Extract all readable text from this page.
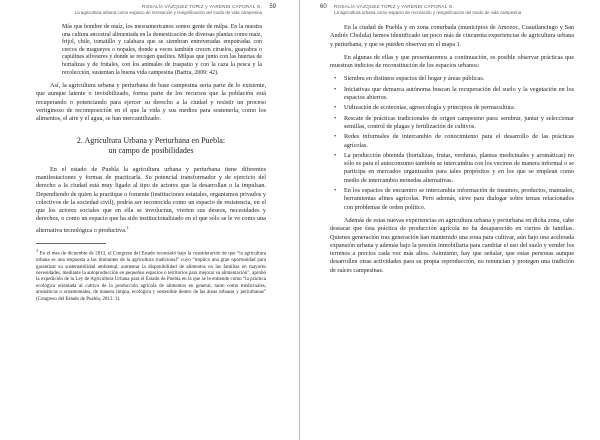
ROSALÍA VÁZQUEZ TORIZ y YARENDI CAPORAL G.
La agricultura urbana como espacio de recreación y resignificación del modo de vida campesina
59

Más que hombre de maíz, los mesoamericanos somos gente de milpa. En la nuestra una cultura ancestral alimentada en la domesticación de diversas plantas como maíz, frijol, chile, tomatillo y calabaza que se siembran entreveradas empotradas con cercos de magueyes o nopales, donde a veces también crecen ciruelos, guayabos o capulines silvestres y donde se recogen quelites. Milpas que junto con las huertas de hortalizas y de frutales, con los animales de traspatio y con la caza la pesca y la recolección, sustentan la buena vida campesina (Bartra, 2009: 42).

Así, la agricultura urbana y periurbana de base campesina sería parte de lo existente, que aunque latente o invisibilizado, forma parte de los recursos que la población está recuperando o potenciando para ejercer su derecho a la ciudad y resistir un proceso vertiginoso de recomposición en el que la vida y sus medios para sostenerla, como los alimentos, el aire y el agua, se han mercantilizado.

2. Agricultura Urbana y Periurbana en Puebla:
un campo de posibilidades

En el estado de Puebla la agricultura urbana y periurbana tiene diferentes manifestaciones y formas de practicarla. Su potencial transformador y de ejercicio del derecho a la ciudad está muy ligado al tipo de actores que la desarrollan o la impulsan. Dependiendo de quien la practique o fomente (instituciones estatales, organismos privados y colectivos de la sociedad civil), podría ser reconocida como un espacio de resistencia, en el que los actores sociales que en ella se involucran, vierten sus deseos, necesidades y derechos, o como un espacio que ha sido institucionalizado en el que sólo se le ve como una alternativa tecnológica o productiva.$^3$

$^3$ En el mes de diciembre de 2013, el Congreso del Estado reconsoló bajo la consideración de que “la agricultura urbana es una respuesta a las limitantes de la agricultura tradicional” cuyo “implica una gran oportunidad para garantizar su sustentabilidad ambiental, aumentar la disponibilidad de alimentos en las familias en mayores necesidades, mediante la autoproducción en pequeños espacios o territorios para mejorar su alimentación”, aprobó la expedición de la Ley de Agricultura Urbana para el Estado de Puebla en la que se le entiende como “la práctica ecológica orientada al cultivo de la producción agrícola de alimentos en general, tanto como medicinales, aromáticas u ornamentales, de manera limpia, ecológica y sostenible dentro de las áreas urbanas y periurbanas” (Congreso del Estado de Puebla, 2013: 3).

ROSALÍA VÁZQUEZ TORIZ y YARENDI CAPORAL G.
La agricultura urbana como espacio de recreación y resignificación del modo de vida campesina
60

En la ciudad de Puebla y en zona conurbada (municipios de Amozoc, Cuautlancingo y San Andrés Cholula) hemos identificado un poco más de cincuenta experiencias de agricultura urbana y periurbana, y que se pueden observar en el mapa 1.

En algunas de ellas y que presentaremos a continuación, es posible observar prácticas que muestran indicios de reconstitución de los espacios urbanos:

• Siembra en distintos espacios del hogar y áreas públicas.
• Iniciativas que demarca autónoma buscan la recuperación del suelo y la vegetación en los espacios abiertos.
• Utilización de ecotecnias, agroecología y principios de permacultura.
• Rescate de prácticas tradicionales de origen campesino para: sembrar, juntar y seleccionar semillas, control de plagas y fertilización de cultivos.
• Redes informales de intercambio de conocimiento para el desarrollo de las prácticas agrícolas.
• La producción obtenida (hortalizas, frutas, verduras, plantas medicinales y aromáticas) no sólo es para el autoconsumo también se intercambia con los vecinos de manera informal o se participa en mercados organizados para tales propósitos y en los que se emplean como medio de intercambio monedas alternativas.
• En los espacios de encuentro se intercambia información de insumos, productos, manuales, herramientas afines agrícolas. Pero además, sirve para dialogar sobre temas relacionados con problemas de orden político.

Además de estas nuevas experiencias en agricultura urbana y periurbana en dicha zona, cabe destacar que ésta práctica de producción agrícola no ha desaparecido en ciertos de familias. Quienes generación tras generación han mantenido una zona para cultivar, aún bajo una acelerada expansión urbana y además bajo la presión inmobiliaria para cambiar el uso del suelo y vender los terrenos a precios cada vez más altos. Asimismo, hay que señalar, que estas personas aunque desarrollen otras actividades para su propia reproducción, no renuncian y protegen una tradición de raíces campesinas.
